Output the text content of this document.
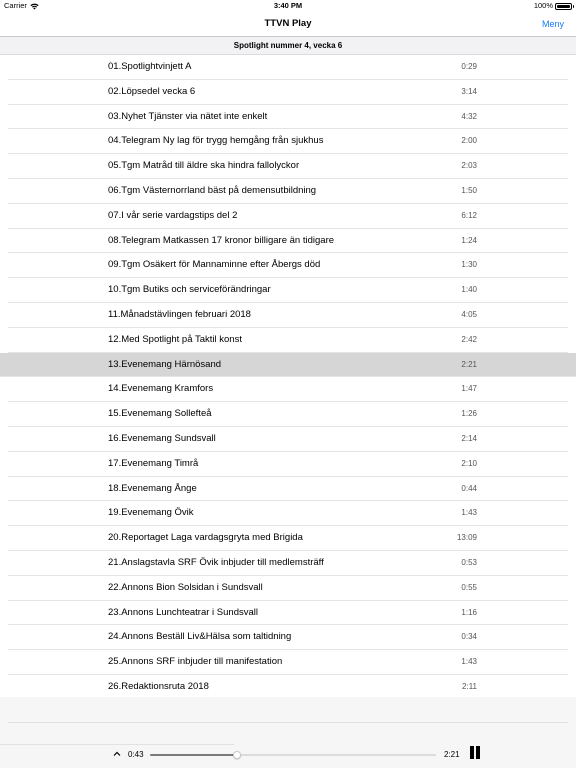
Carrier	3:40 PM	100%
TTVN Play	Meny
Spotlight nummer 4, vecka 6
01.Spotlightvinjett A	0:29
02.Löpsedel vecka 6	3:14
03.Nyhet Tjänster via nätet inte enkelt	4:32
04.Telegram Ny lag för trygg hemgång från sjukhus	2:00
05.Tgm Matråd till äldre ska hindra fallolyckor	2:03
06.Tgm Västernorrland bäst på demensutbildning	1:50
07.I vår serie vardagstips del 2	6:12
08.Telegram Matkassen 17 kronor billigare än tidigare	1:24
09.Tgm Osäkert för Mannaminne efter Åbergs död	1:30
10.Tgm Butiks och serviceförändringar	1:40
11.Månadstävlingen februari 2018	4:05
12.Med Spotlight på Taktil konst	2:42
13.Evenemang Härnösand	2:21
14.Evenemang Kramfors	1:47
15.Evenemang Sollefteå	1:26
16.Evenemang Sundsvall	2:14
17.Evenemang Timrå	2:10
18.Evenemang Ånge	0:44
19.Evenemang Övik	1:43
20.Reportaget Laga vardagsgryta med Brigida	13:09
21.Anslagstavla SRF Övik inbjuder till medlemsträff	0:53
22.Annons Bion Solsidan i Sundsvall	0:55
23.Annons Lunchteatrar i Sundsvall	1:16
24.Annons Beställ Liv&Hälsa som taltidning	0:34
25.Annons SRF inbjuder till manifestation	1:43
26.Redaktionsruta 2018	2:11
0:43	2:21
